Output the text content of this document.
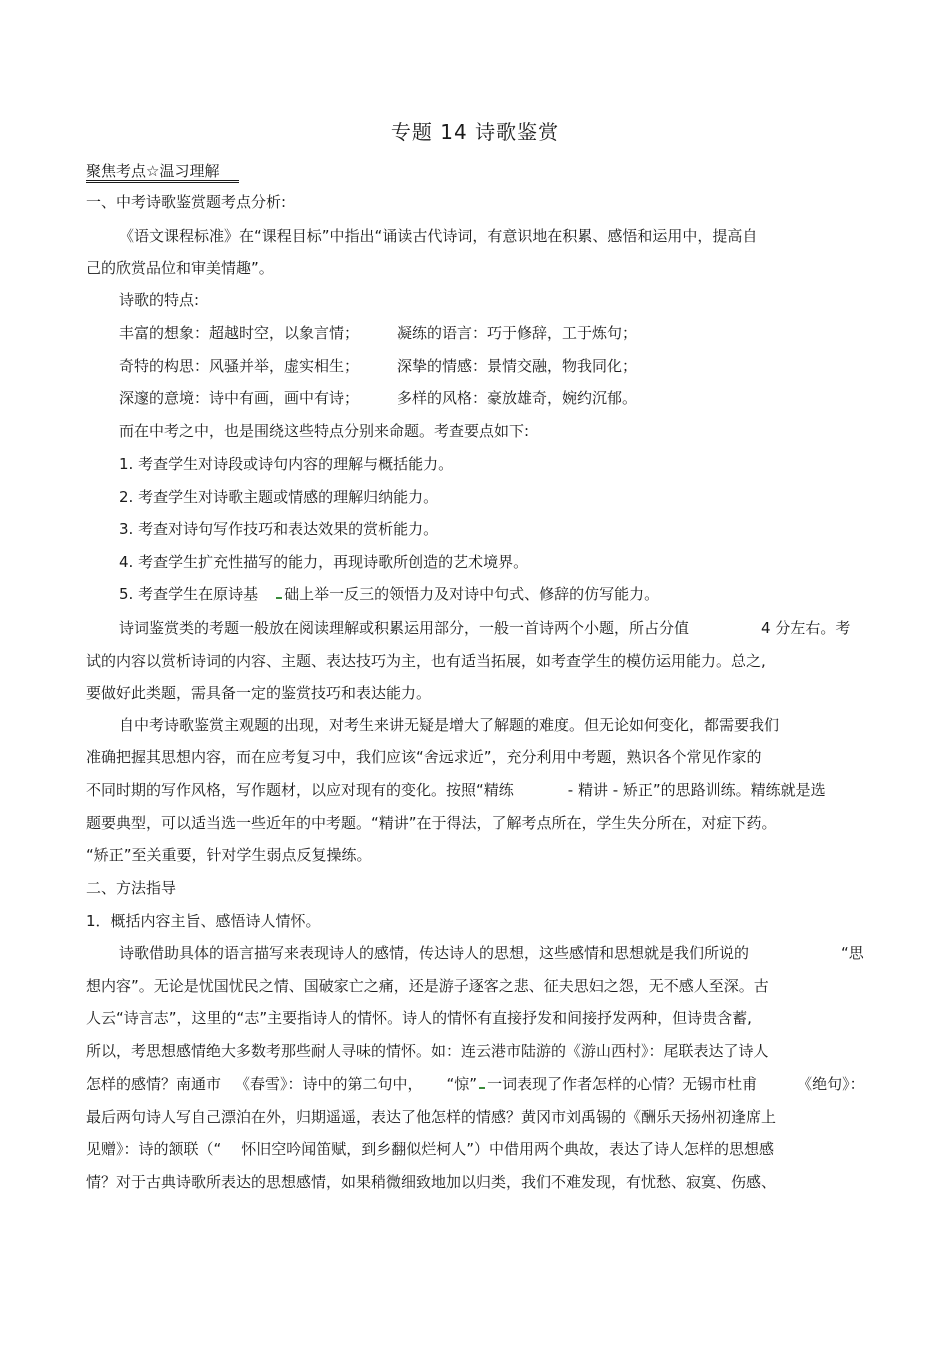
专题 14 诗歌鉴赏
聚焦考点☆温习理解
一、中考诗歌鉴赏题考点分析:
《语文课程标准》在“课程目标”中指出“诵读古代诗词，有意识地在积累、感悟和运用中，提高自
己的欣赏品位和审美情趣”。
诗歌的特点:
丰富的想象：超越时空，以象言情；	凝练的语言：巧于修辞，工于炼句；
奇特的构思：风骚并举，虚实相生；	深挚的情感：景情交融，物我同化；
深邃的意境：诗中有画，画中有诗；	多样的风格：豪放雄奇，婉约沉郁。
而在中考之中，也是围绕这些特点分别来命题。考查要点如下:
1. 考查学生对诗段或诗句内容的理解与概括能力。
2. 考查学生对诗歌主题或情感的理解归纳能力。
3. 考查对诗句写作技巧和表达效果的赏析能力。
4. 考查学生扩充性描写的能力，再现诗歌所创造的艺术境界。
5. 考查学生在原诗基 础上举一反三的领悟力及对诗中句式、修辞的仿写能力。
诗词鉴赏类的考题一般放在阅读理解或积累运用部分，一般一首诗两个小题，所占分值	4 分左右。考
试的内容以赏析诗词的内容、主题、表达技巧为主，也有适当拓展，如考查学生的模仿运用能力。总之,
要做好此类题，需具备一定的鉴赏技巧和表达能力。
自中考诗歌鉴赏主观题的出现，对考生来讲无疑是增大了解题的难度。但无论如何变化，都需要我们
准确把握其思想内容，而在应考复习中，我们应该“舍远求近”，充分利用中考题，熟识各个常见作家的
不同时期的写作风格，写作题材，以应对现有的变化。按照“精练	- 精讲 - 矫正”的思路训练。精练就是选
题要典型，可以适当选一些近年的中考题。“精讲”在于得法，了解考点所在，学生失分所在，对症下药。
“矫正”至关重要，针对学生弱点反复操练。
二、方法指导
1．概括内容主旨、感悟诗人情怀。
诗歌借助具体的语言描写来表现诗人的感情，传达诗人的思想，这些感情和思想就是我们所说的	“思
想内容”。无论是忧国忧民之情、国破家亡之痛，还是游子逐客之悲、征夫思妇之怨，无不感人至深。古
人云“诗言志”，这里的“志”主要指诗人的情怀。诗人的情怀有直接抒发和间接抒发两种，但诗贵含蓄,
所以，考思想感情绝大多数考那些耐人寻味的情怀。如：连云港市陆游的《游山西村》：尾联表达了诗人
怎样的感情？南通市 《春雪》：诗中的第二句中， “惊” 一词表现了作者怎样的心情？无锡市杜甫	《绝句》：
最后两句诗人写自己漂泊在外，归期遥遥，表达了他怎样的情感？黄冈市刘禹锡的《酬乐天扬州初逢席上
见赠》：诗的颔联（“ 怀旧空吟闻笛赋，到乡翻似烂柯人”）中借用两个典故，表达了诗人怎样的思想感
情？对于古典诗歌所表达的思想感情，如果稍微细致地加以归类，我们不难发现，有忧愁、寂寞、伤感、
